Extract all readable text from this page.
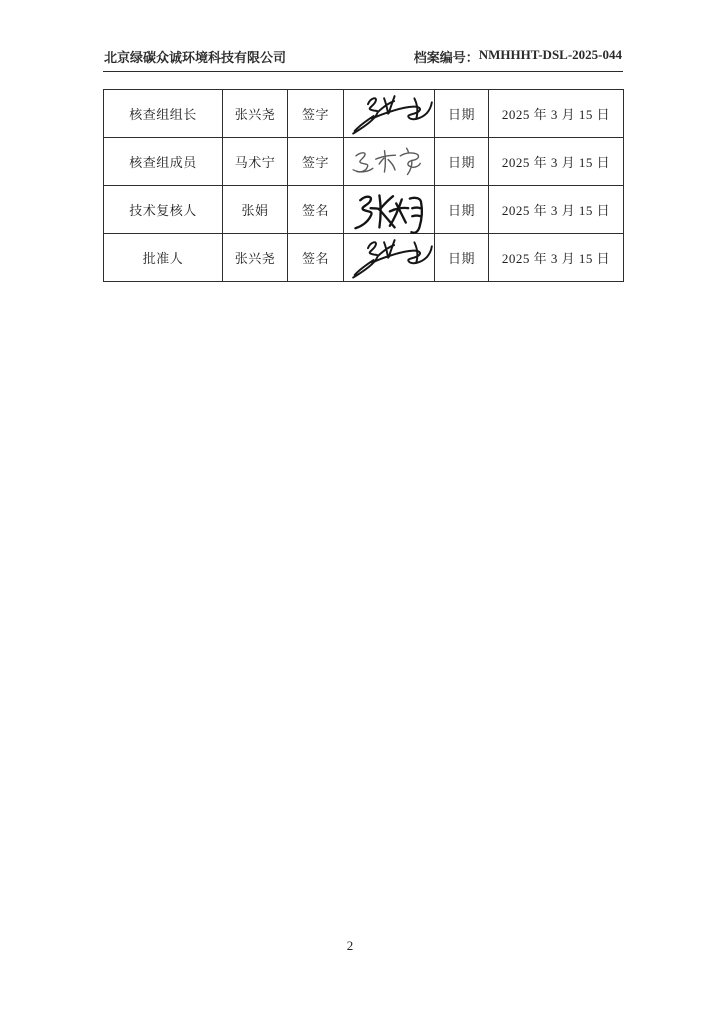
北京绿碳众诚环境科技有限公司	档案编号： NMHHHT-DSL-2025-044
核查组组长	张兴尧	签字		日期	2025 年 3 月 15 日
核查组成员	马术宁	签字		日期	2025 年 3 月 15 日
技术复核人	张娟	签名		日期	2025 年 3 月 15 日
批准人	张兴尧	签名		日期	2025 年 3 月 15 日
2
